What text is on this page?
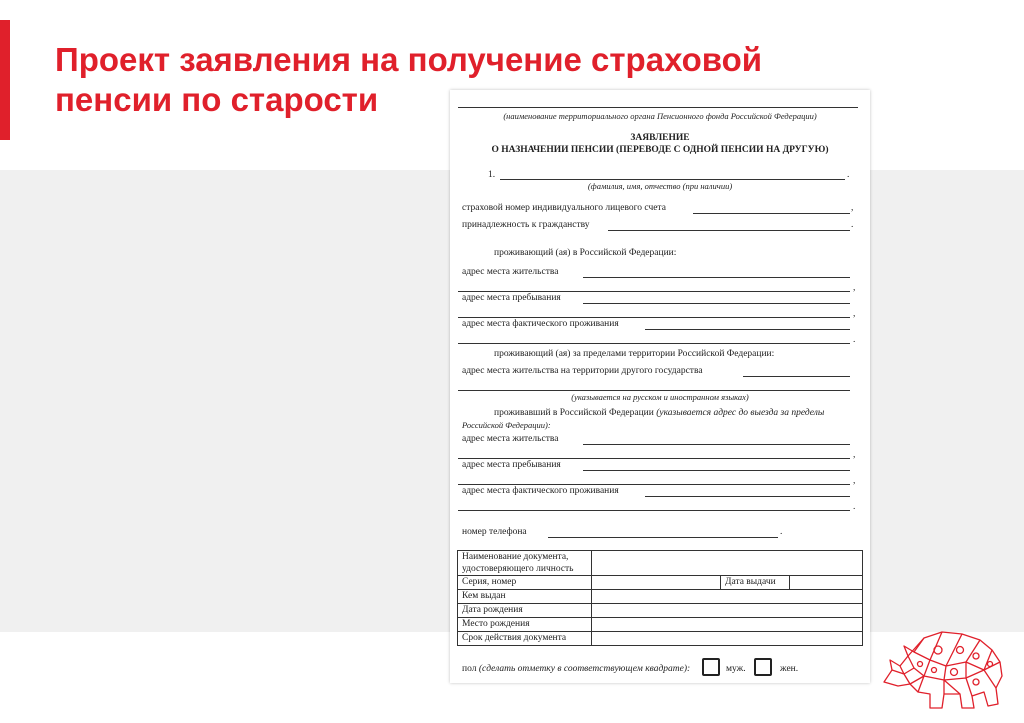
Проект заявления на получение страховой
пенсии по старости	(наименование территориального органа Пенсионного фонда Российской Федерации)
ЗАЯВЛЕНИЕ
О НАЗНАЧЕНИИ ПЕНСИИ (ПЕРЕВОДЕ С ОДНОЙ ПЕНСИИ НА ДРУГУЮ)
1.	.
(фамилия, имя, отчество (при наличии)
страховой номер индивидуального лицевого счета	,
принадлежность к гражданству	.
проживающий (ая) в Российской Федерации:
адрес места жительства
,
адрес места пребывания
,
адрес места фактического проживания
.
проживающий (ая) за пределами территории Российской Федерации:
адрес места жительства на территории другого государства
(указывается на русском и иностранном языках)
проживавший в Российской Федерации (указывается адрес до выезда за пределы
Российской Федерации):
адрес места жительства
,
адрес места пребывания
,
адрес места фактического проживания
.
номер телефона	.
Наименование документа,
удостоверяющего личность			
Серия, номер		Дата выдачи	
Кем выдан			
Дата рождения			
Место рождения			
Срок действия документа			
пол (сделать отметку в соответствующем квадрате):	муж.	жен.
